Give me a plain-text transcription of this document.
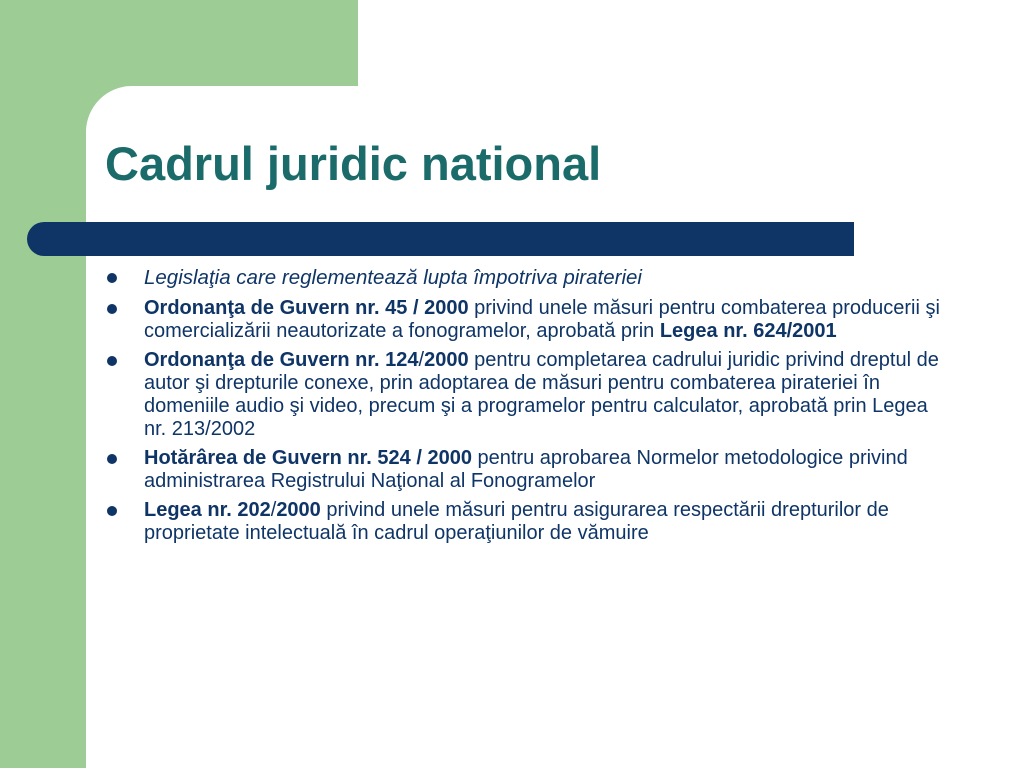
Cadrul juridic national
Legislaţia care reglementează lupta împotriva pirateriei
Ordonanţa de Guvern nr. 45 / 2000 privind unele măsuri pentru combaterea producerii şi comercializării neautorizate a fonogramelor, aprobată prin Legea nr. 624/2001
Ordonanţa de Guvern nr. 124/2000 pentru completarea cadrului juridic privind dreptul de autor şi drepturile conexe, prin adoptarea de măsuri pentru combaterea pirateriei în domeniile audio şi video, precum şi a programelor pentru calculator, aprobată prin Legea nr. 213/2002
Hotărârea de Guvern nr. 524 / 2000 pentru aprobarea Normelor metodologice privind administrarea Registrului Naţional al Fonogramelor
Legea nr. 202/2000 privind unele măsuri pentru asigurarea respectării drepturilor de proprietate intelectuală în cadrul operaţiunilor de vămuire
